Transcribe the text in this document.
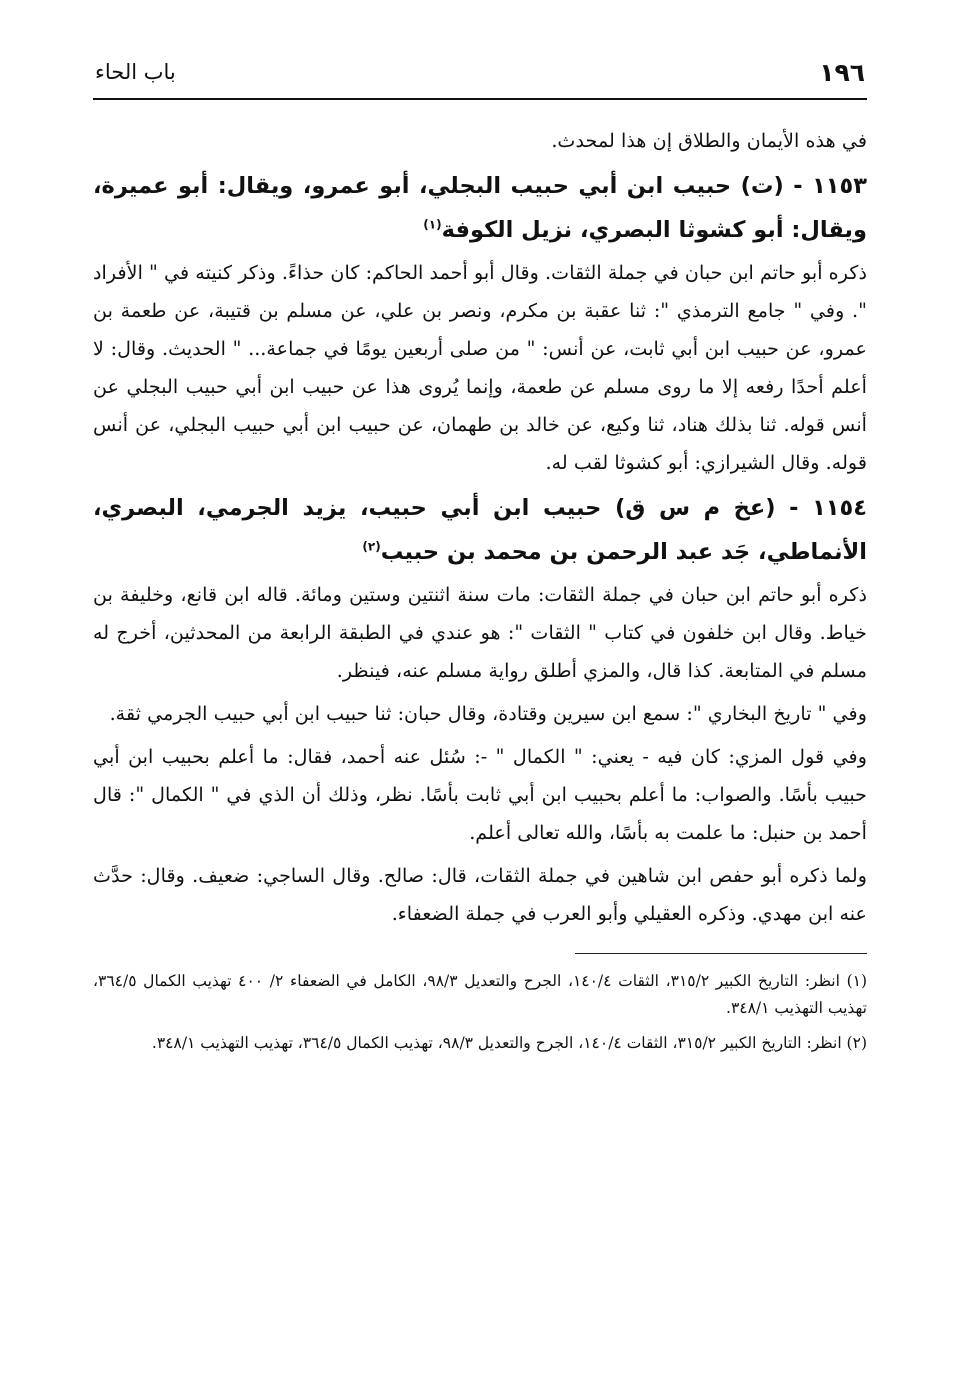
١٩٦
باب الحاء

في هذه الأيمان والطلاق إن هذا لمحدث.

١١٥٣ - (ت) حبيب ابن أبي حبيب البجلي، أبو عمرو، ويقال: أبو عميرة، ويقال: أبو كشوثا البصري، نزيل الكوفة$^{(١)}$

ذكره أبو حاتم ابن حبان في جملة الثقات. وقال أبو أحمد الحاكم: كان حذاءً. وذكر كنيته في " الأفراد ". وفي " جامع الترمذي ": ثنا عقبة بن مكرم، ونصر بن علي، عن مسلم بن قتيبة، عن طعمة بن عمرو، عن حبيب ابن أبي ثابت، عن أنس: " من صلى أربعين يومًا في جماعة... " الحديث. وقال: لا أعلم أحدًا رفعه إلا ما روى مسلم عن طعمة، وإنما يُروى هذا عن حبيب ابن أبي حبيب البجلي عن أنس قوله. ثنا بذلك هناد، ثنا وكيع، عن خالد بن طهمان، عن حبيب ابن أبي حبيب البجلي، عن أنس قوله. وقال الشيرازي: أبو كشوثا لقب له.

١١٥٤ - (عخ م س ق) حبيب ابن أبي حبيب، يزيد الجرمي، البصري، الأنماطي، جَد عبد الرحمن بن محمد بن حبيب$^{(٢)}$

ذكره أبو حاتم ابن حبان في جملة الثقات: مات سنة اثنتين وستين ومائة. قاله ابن قانع، وخليفة بن خياط. وقال ابن خلفون في كتاب " الثقات ": هو عندي في الطبقة الرابعة من المحدثين، أخرج له مسلم في المتابعة. كذا قال، والمزي أطلق رواية مسلم عنه، فينظر.

وفي " تاريخ البخاري ": سمع ابن سيرين وقتادة، وقال حبان: ثنا حبيب ابن أبي حبيب الجرمي ثقة.

وفي قول المزي: كان فيه - يعني: " الكمال " -: سُئل عنه أحمد، فقال: ما أعلم بحبيب ابن أبي حبيب بأسًا. والصواب: ما أعلم بحبيب ابن أبي ثابت بأسًا. نظر، وذلك أن الذي في " الكمال ": قال أحمد بن حنبل: ما علمت به بأسًا، والله تعالى أعلم.

ولما ذكره أبو حفص ابن شاهين في جملة الثقات، قال: صالح. وقال الساجي: ضعيف. وقال: حدَّث عنه ابن مهدي. وذكره العقيلي وأبو العرب في جملة الضعفاء.

(١) انظر: التاريخ الكبير ٣١٥/٢، الثقات ١٤٠/٤، الجرح والتعديل ٩٨/٣، الكامل في الضعفاء ٢/ ٤٠٠ تهذيب الكمال ٣٦٤/٥، تهذيب التهذيب ٣٤٨/١.

(٢) انظر: التاريخ الكبير ٣١٥/٢، الثقات ١٤٠/٤، الجرح والتعديل ٩٨/٣، تهذيب الكمال ٣٦٤/٥، تهذيب التهذيب ٣٤٨/١.
